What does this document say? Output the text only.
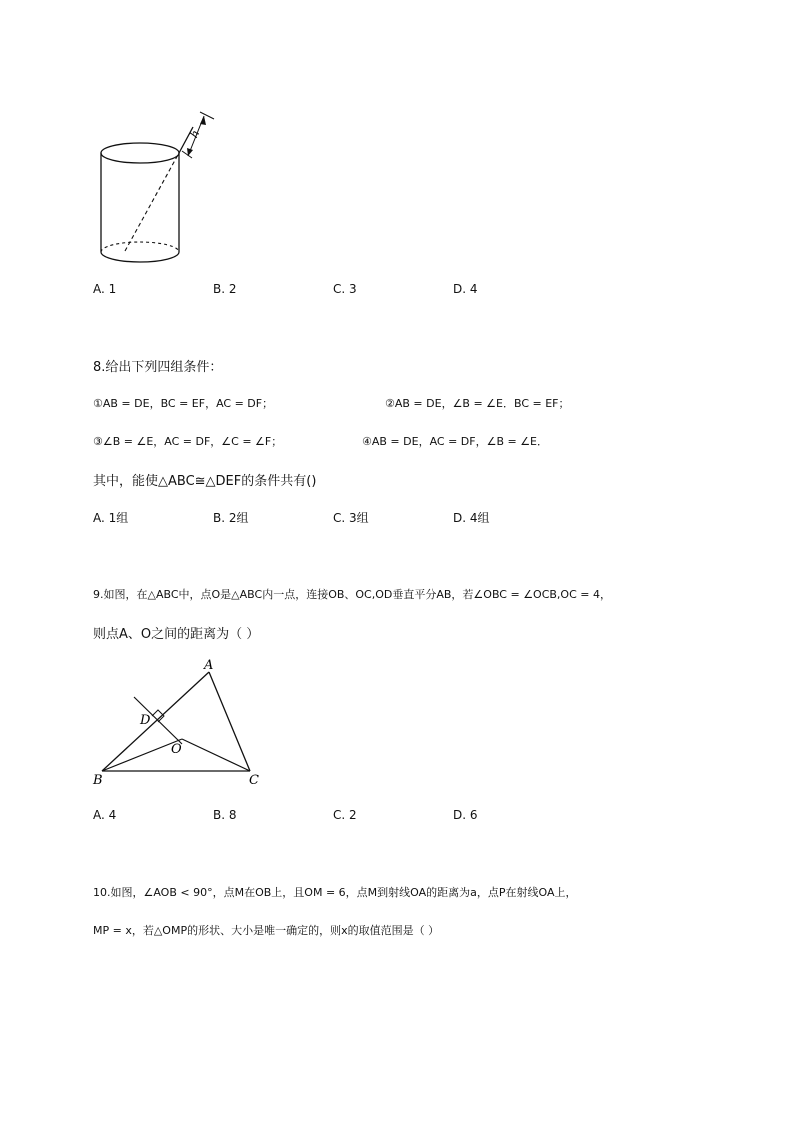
h
A. 1	B. 2	C. 3	D. 4
8.给出下列四组条件：
①AB = DE，BC = EF，AC = DF；	②AB = DE，∠B = ∠E．BC = EF；
③∠B = ∠E，AC = DF，∠C = ∠F；	④AB = DE，AC = DF，∠B = ∠E．
其中，能使△ABC≅△DEF的条件共有()
A. 1组	B. 2组	C. 3组	D. 4组
9.如图，在△ABC中，点O是△ABC内一点，连接OB、OC,OD垂直平分AB，若∠OBC = ∠OCB,OC = 4，
则点A、O之间的距离为（ ）
A
B	C
D
O
A. 4	B. 8	C. 2	D. 6
10.如图，∠AOB < 90°，点M在OB上，且OM = 6，点M到射线OA的距离为a，点P在射线OA上，
MP = x，若△OMP的形状、大小是唯一确定的，则x的取值范围是（ ）
